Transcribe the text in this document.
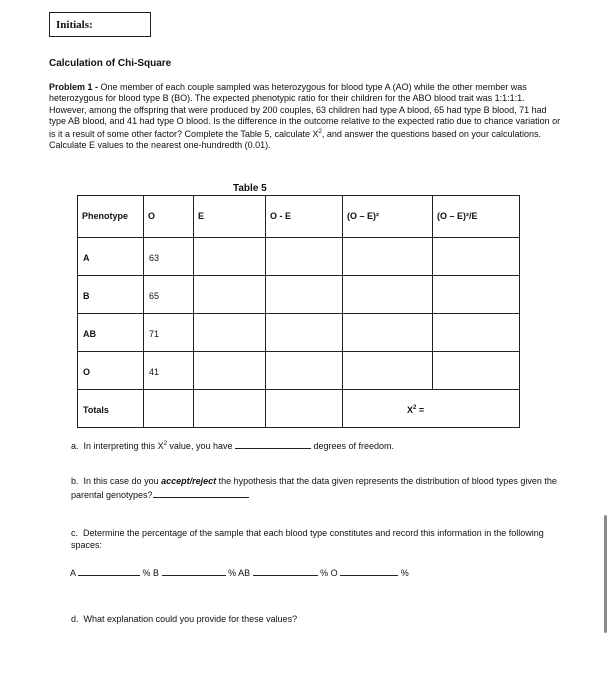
Initials:
Calculation of Chi-Square
Problem 1 - One member of each couple sampled was heterozygous for blood type A (AO) while the other member was heterozygous for blood type B (BO). The expected phenotypic ratio for their children for the ABO blood trait was 1:1:1:1. However, among the offspring that were produced by 200 couples, 63 children had type A blood, 65 had type B blood, 71 had type AB blood, and 41 had type O blood. Is the difference in the outcome relative to the expected ratio due to chance variation or is it a result of some other factor? Complete the Table 5, calculate $X^2$, and answer the questions based on your calculations. Calculate E values to the nearest one-hundredth (0.01).
Table 5
Phenotype	O	E	O - E	(O – E)²	(O – E)²/E

A	63				

B	65				

AB	71				

O	41				

Totals				$X^2$ =	
a. In interpreting this $X^2$ value, you have	degrees of freedom.
b. In this case do you accept/reject the hypothesis that the data given represents the distribution of blood types given the parental genotypes?
c. Determine the percentage of the sample that each blood type constitutes and record this information in the following spaces:
A	% B	% AB	% O	%
d. What explanation could you provide for these values?
